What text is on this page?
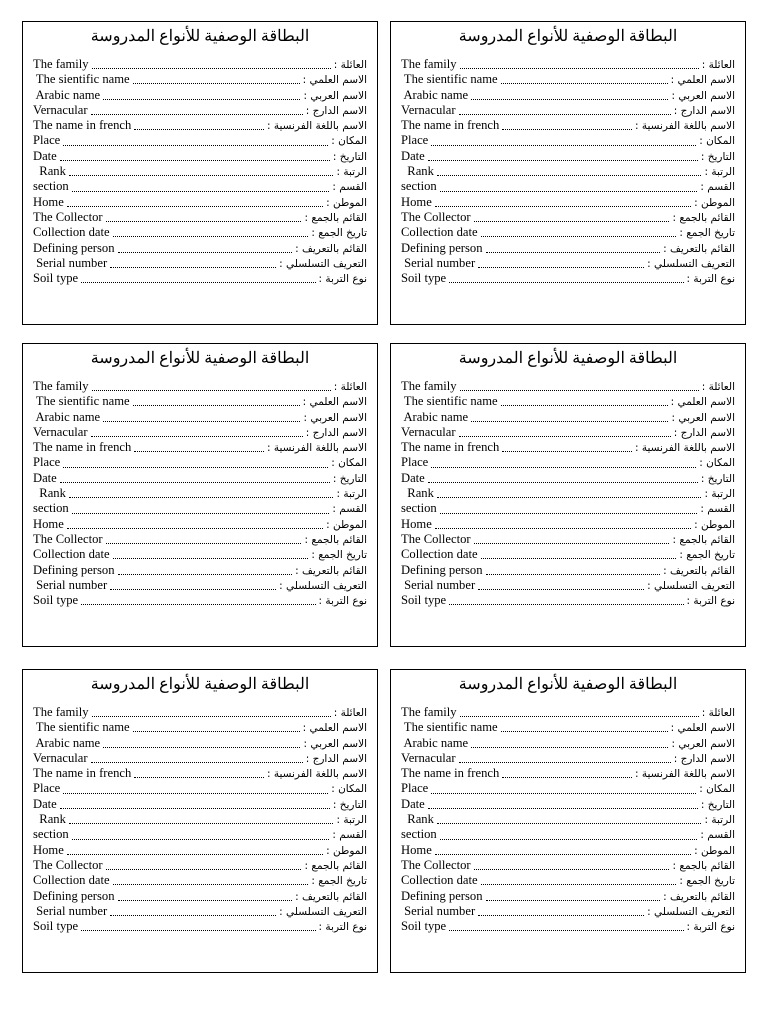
البطاقة الوصفية للأنواع المدروسة
The family	العائلة :
The sientific name	الاسم العلمي :
Arabic name	الاسم العربي :
Vernacular	الاسم الدارج :
The name in french	الاسم باللغة الفرنسية :
Place	المكان :
Date	التاريخ :
Rank	الرتبة :
section	القسم :
Home	الموطن :
The Collector	القائم بالجمع :
Collection date	تاريخ الجمع :
Defining person	القائم بالتعريف :
Serial number	التعريف التسلسلي :
Soil type	نوع التربة :
البطاقة الوصفية للأنواع المدروسة
The family	العائلة :
The sientific name	الاسم العلمي :
Arabic name	الاسم العربي :
Vernacular	الاسم الدارج :
The name in french	الاسم باللغة الفرنسية :
Place	المكان :
Date	التاريخ :
Rank	الرتبة :
section	القسم :
Home	الموطن :
The Collector	القائم بالجمع :
Collection date	تاريخ الجمع :
Defining person	القائم بالتعريف :
Serial number	التعريف التسلسلي :
Soil type	نوع التربة :
البطاقة الوصفية للأنواع المدروسة
The family	العائلة :
The sientific name	الاسم العلمي :
Arabic name	الاسم العربي :
Vernacular	الاسم الدارج :
The name in french	الاسم باللغة الفرنسية :
Place	المكان :
Date	التاريخ :
Rank	الرتبة :
section	القسم :
Home	الموطن :
The Collector	القائم بالجمع :
Collection date	تاريخ الجمع :
Defining person	القائم بالتعريف :
Serial number	التعريف التسلسلي :
Soil type	نوع التربة :
البطاقة الوصفية للأنواع المدروسة
The family	العائلة :
The sientific name	الاسم العلمي :
Arabic name	الاسم العربي :
Vernacular	الاسم الدارج :
The name in french	الاسم باللغة الفرنسية :
Place	المكان :
Date	التاريخ :
Rank	الرتبة :
section	القسم :
Home	الموطن :
The Collector	القائم بالجمع :
Collection date	تاريخ الجمع :
Defining person	القائم بالتعريف :
Serial number	التعريف التسلسلي :
Soil type	نوع التربة :
البطاقة الوصفية للأنواع المدروسة
The family	العائلة :
The sientific name	الاسم العلمي :
Arabic name	الاسم العربي :
Vernacular	الاسم الدارج :
The name in french	الاسم باللغة الفرنسية :
Place	المكان :
Date	التاريخ :
Rank	الرتبة :
section	القسم :
Home	الموطن :
The Collector	القائم بالجمع :
Collection date	تاريخ الجمع :
Defining person	القائم بالتعريف :
Serial number	التعريف التسلسلي :
Soil type	نوع التربة :
البطاقة الوصفية للأنواع المدروسة
The family	العائلة :
The sientific name	الاسم العلمي :
Arabic name	الاسم العربي :
Vernacular	الاسم الدارج :
The name in french	الاسم باللغة الفرنسية :
Place	المكان :
Date	التاريخ :
Rank	الرتبة :
section	القسم :
Home	الموطن :
The Collector	القائم بالجمع :
Collection date	تاريخ الجمع :
Defining person	القائم بالتعريف :
Serial number	التعريف التسلسلي :
Soil type	نوع التربة :
